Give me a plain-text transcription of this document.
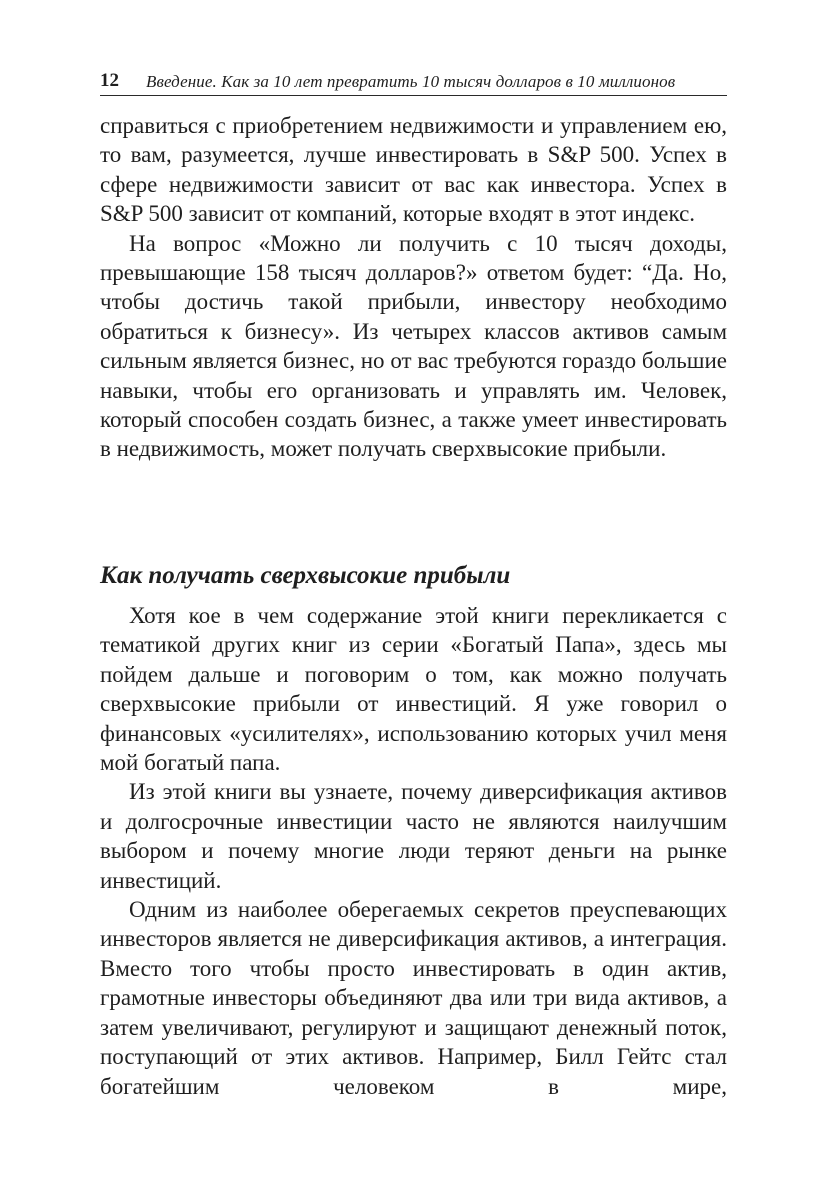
12 Введение. Как за 10 лет превратить 10 тысяч долларов в 10 миллионов

справиться с приобретением недвижимости и управлением ею, то вам, разумеется, лучше инвестировать в S&P 500. Успех в сфере недвижимости зависит от вас как инвестора. Успех в S&P 500 зависит от компаний, которые входят в этот индекс.

На вопрос «Можно ли получить с 10 тысяч доходы, превышающие 158 тысяч долларов?» ответом будет: “Да. Но, чтобы достичь такой прибыли, инвестору необходимо обратиться к бизнесу». Из четырех классов активов самым сильным является бизнес, но от вас требуются гораздо большие навыки, чтобы его организовать и управлять им. Человек, который способен создать бизнес, а также умеет инвестировать в недвижимость, может получать сверхвысокие прибыли.

Как получать сверхвысокие прибыли

Хотя кое в чем содержание этой книги перекликается с тематикой других книг из серии «Богатый Папа», здесь мы пойдем дальше и поговорим о том, как можно получать сверхвысокие прибыли от инвестиций. Я уже говорил о финансовых «усилителях», использованию которых учил меня мой богатый папа.

Из этой книги вы узнаете, почему диверсификация активов и долгосрочные инвестиции часто не являются наилучшим выбором и почему многие люди теряют деньги на рынке инвестиций.

Одним из наиболее оберегаемых секретов преуспевающих инвесторов является не диверсификация активов, а интеграция. Вместо того чтобы просто инвестировать в один актив, грамотные инвесторы объединяют два или три вида активов, а затем увеличивают, регулируют и защищают денежный поток, поступающий от этих активов. Например, Билл Гейтс стал богатейшим человеком в мире,
